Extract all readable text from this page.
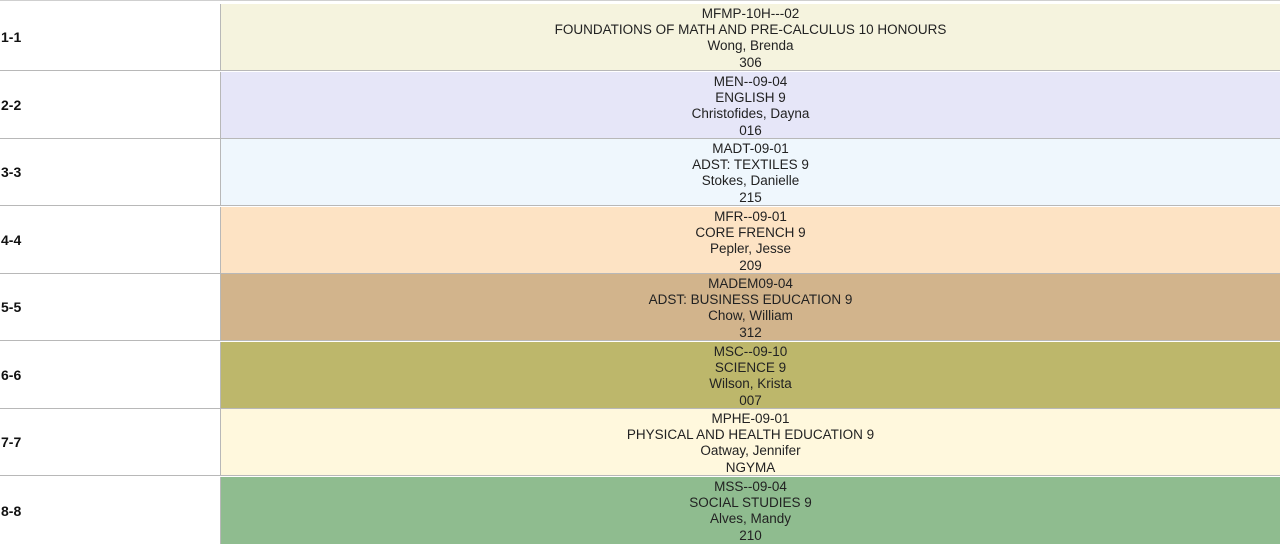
1-1
MFMP-10H---02
FOUNDATIONS OF MATH AND PRE-CALCULUS 10 HONOURS
Wong, Brenda
306
2-2
MEN--09-04
ENGLISH 9
Christofides, Dayna
016
3-3
MADT-09-01
ADST: TEXTILES 9
Stokes, Danielle
215
4-4
MFR--09-01
CORE FRENCH 9
Pepler, Jesse
209
5-5
MADEM09-04
ADST: BUSINESS EDUCATION 9
Chow, William
312
6-6
MSC--09-10
SCIENCE 9
Wilson, Krista
007
7-7
MPHE-09-01
PHYSICAL AND HEALTH EDUCATION 9
Oatway, Jennifer
NGYMA
8-8
MSS--09-04
SOCIAL STUDIES 9
Alves, Mandy
210
